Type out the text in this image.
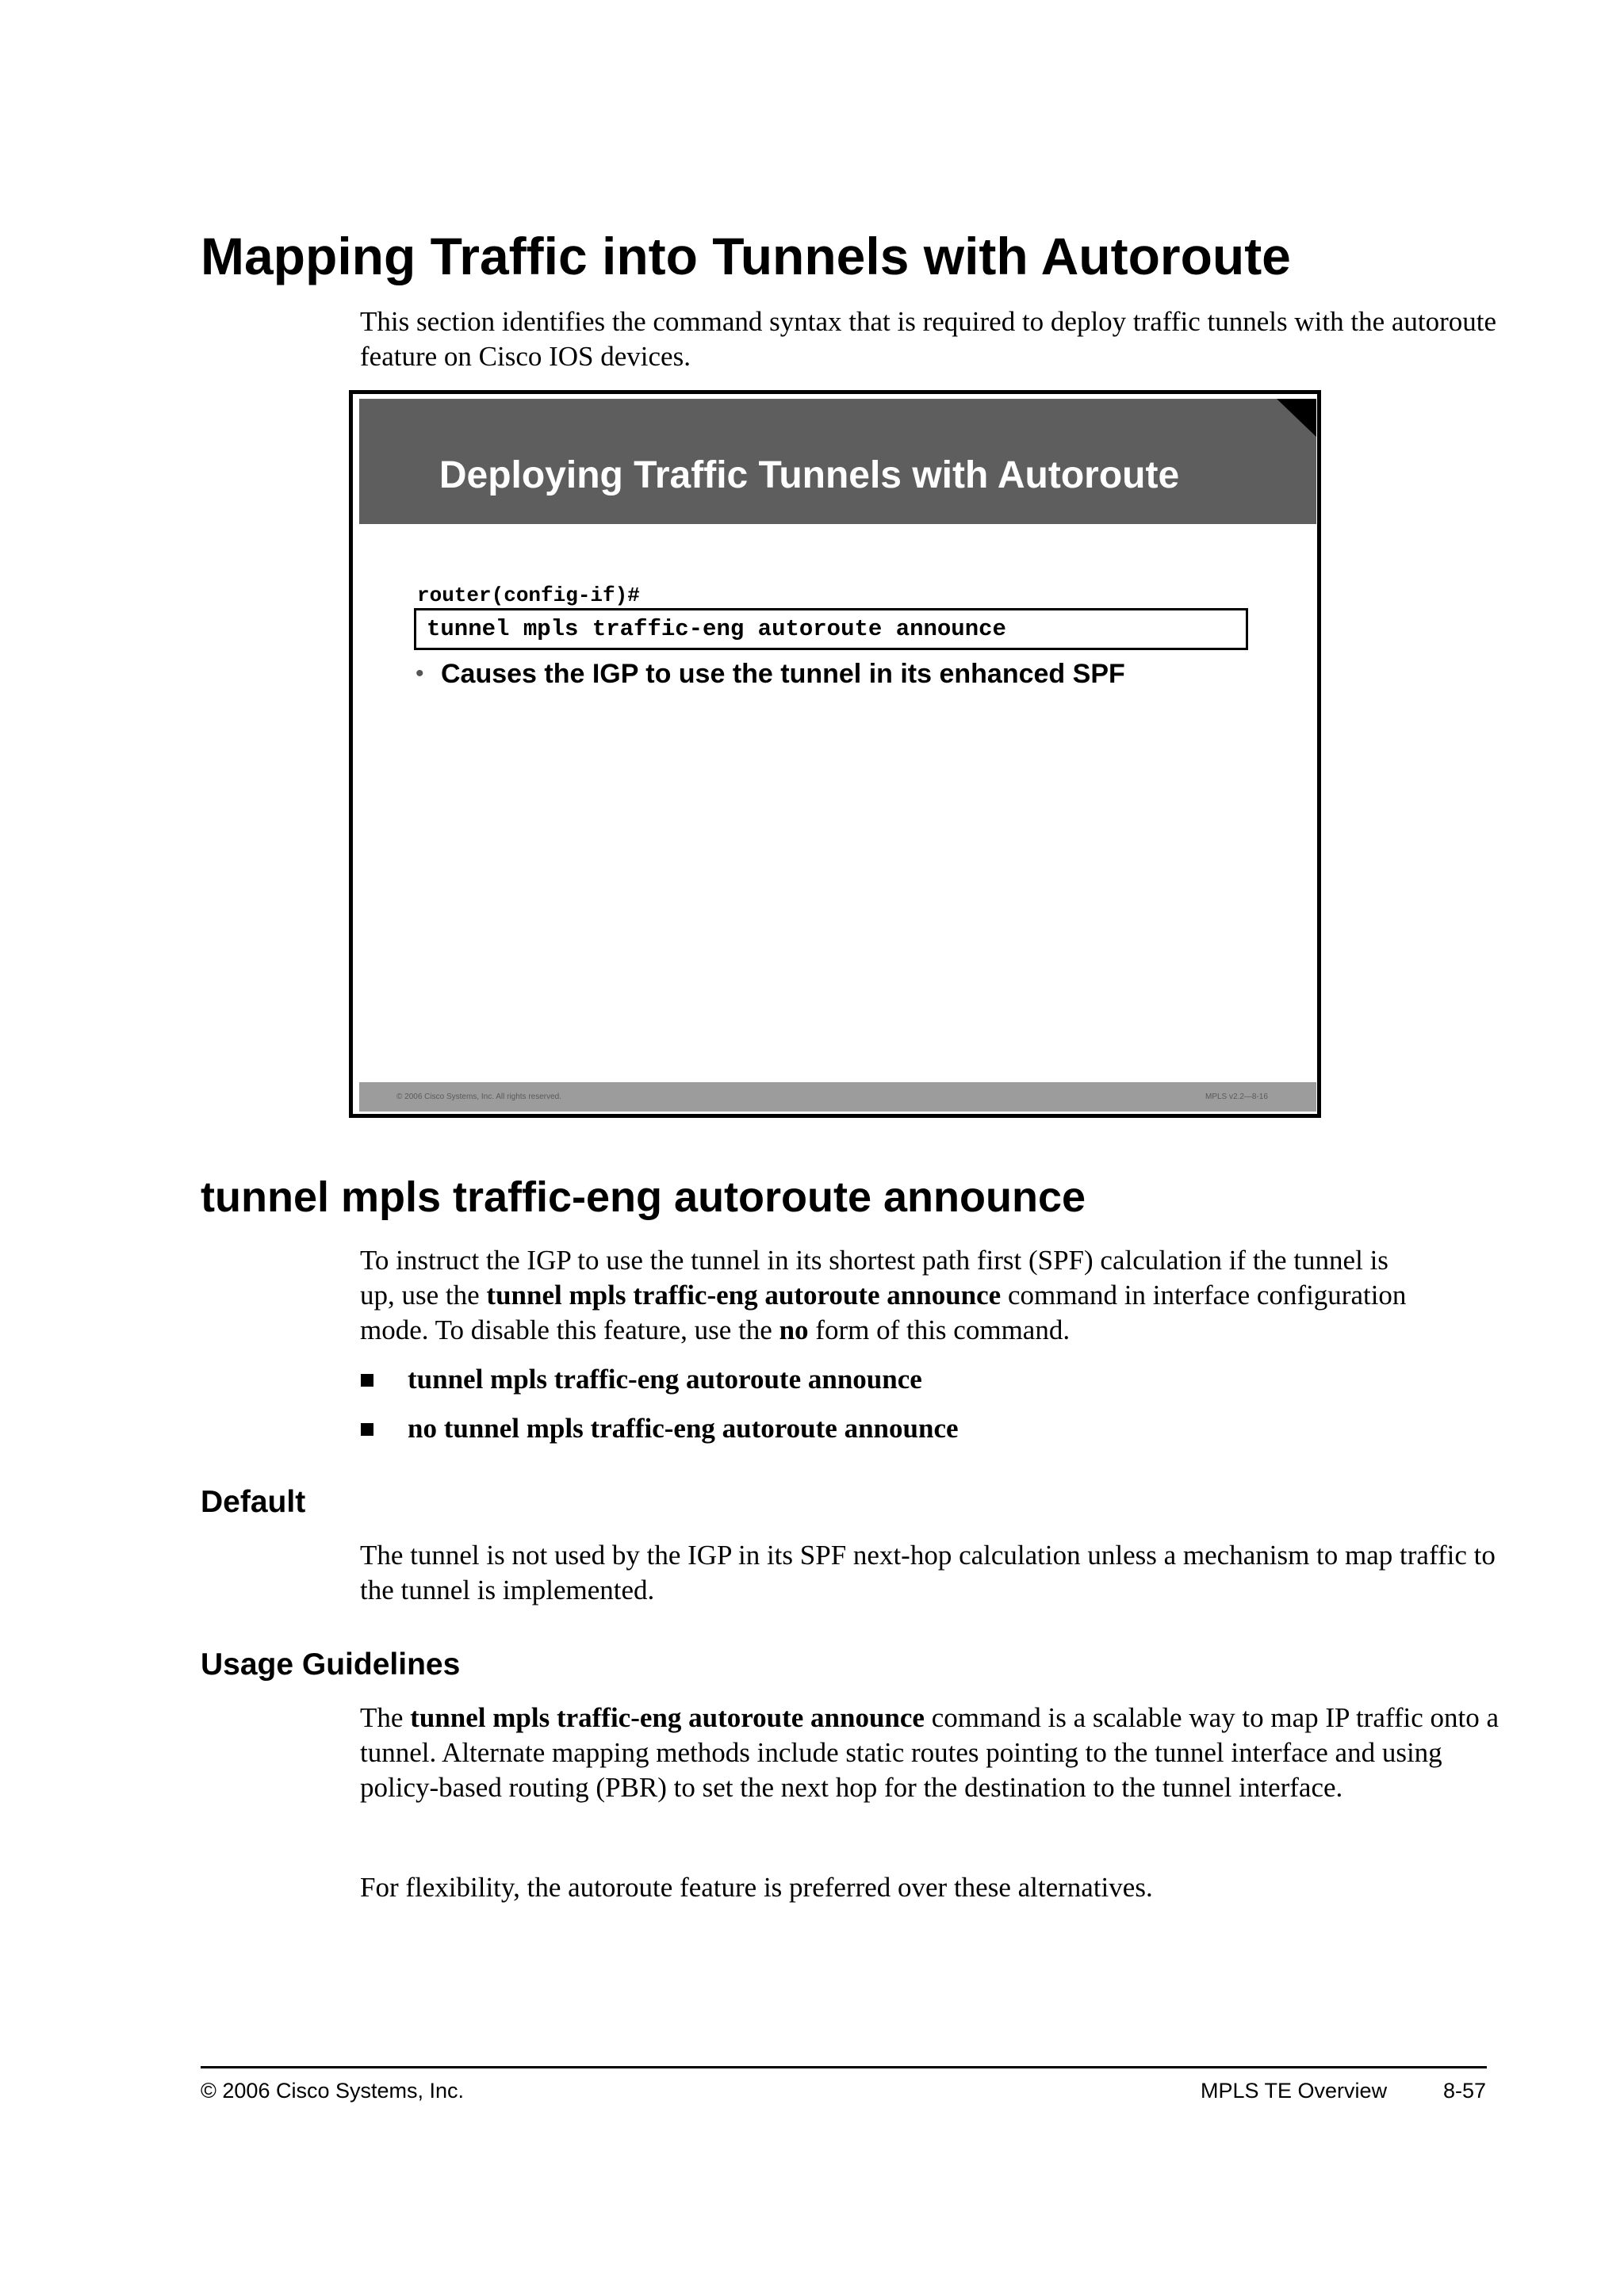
Mapping Traffic into Tunnels with Autoroute
This section identifies the command syntax that is required to deploy traffic tunnels with the autoroute feature on Cisco IOS devices.
Deploying Traffic Tunnels with Autoroute
router(config-if)#
tunnel mpls traffic-eng autoroute announce
• Causes the IGP to use the tunnel in its enhanced SPF
© 2006 Cisco Systems, Inc. All rights reserved.	MPLS v2.2—8-16
tunnel mpls traffic-eng autoroute announce
To instruct the IGP to use the tunnel in its shortest path first (SPF) calculation if the tunnel is
up, use the tunnel mpls traffic-eng autoroute announce command in interface configuration
mode. To disable this feature, use the no form of this command.
tunnel mpls traffic-eng autoroute announce
no tunnel mpls traffic-eng autoroute announce
Default
The tunnel is not used by the IGP in its SPF next-hop calculation unless a mechanism to map traffic to the tunnel is implemented.
Usage Guidelines
The tunnel mpls traffic-eng autoroute announce command is a scalable way to map IP traffic onto a tunnel. Alternate mapping methods include static routes pointing to the tunnel interface and using policy-based routing (PBR) to set the next hop for the destination to the tunnel interface.
For flexibility, the autoroute feature is preferred over these alternatives.
© 2006 Cisco Systems, Inc.	MPLS TE Overview	8-57
